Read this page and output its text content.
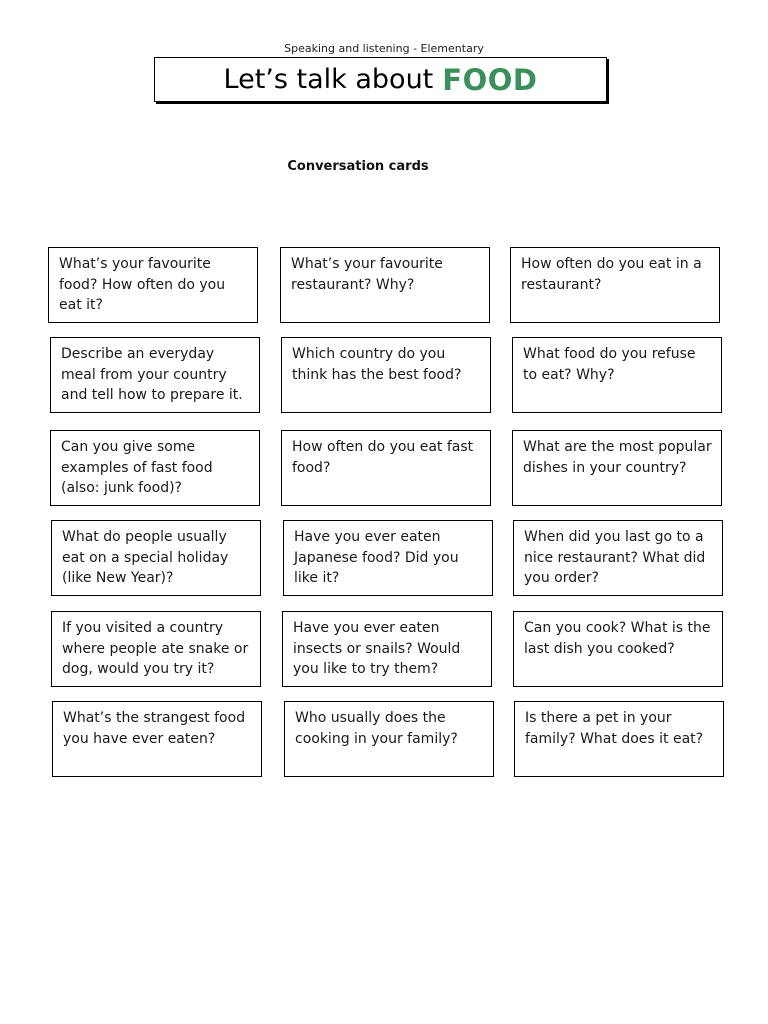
Speaking and listening - Elementary
Let’s talk about FOOD
Conversation cards
What’s your favourite food? How often do you eat it?
What’s your favourite restaurant? Why?
How often do you eat in a restaurant?
Describe an everyday meal from your country and tell how to prepare it.
Which country do you think has the best food?
What food do you refuse to eat? Why?
Can you give some examples of fast food (also: junk food)?
How often do you eat fast food?
What are the most popular dishes in your country?
What do people usually eat on a special holiday (like New Year)?
Have you ever eaten Japanese food? Did you like it?
When did you last go to a nice restaurant? What did you order?
If you visited a country where people ate snake or dog, would you try it?
Have you ever eaten insects or snails? Would you like to try them?
Can you cook? What is the last dish you cooked?
What’s the strangest food you have ever eaten?
Who usually does the cooking in your family?
Is there a pet in your family? What does it eat?
